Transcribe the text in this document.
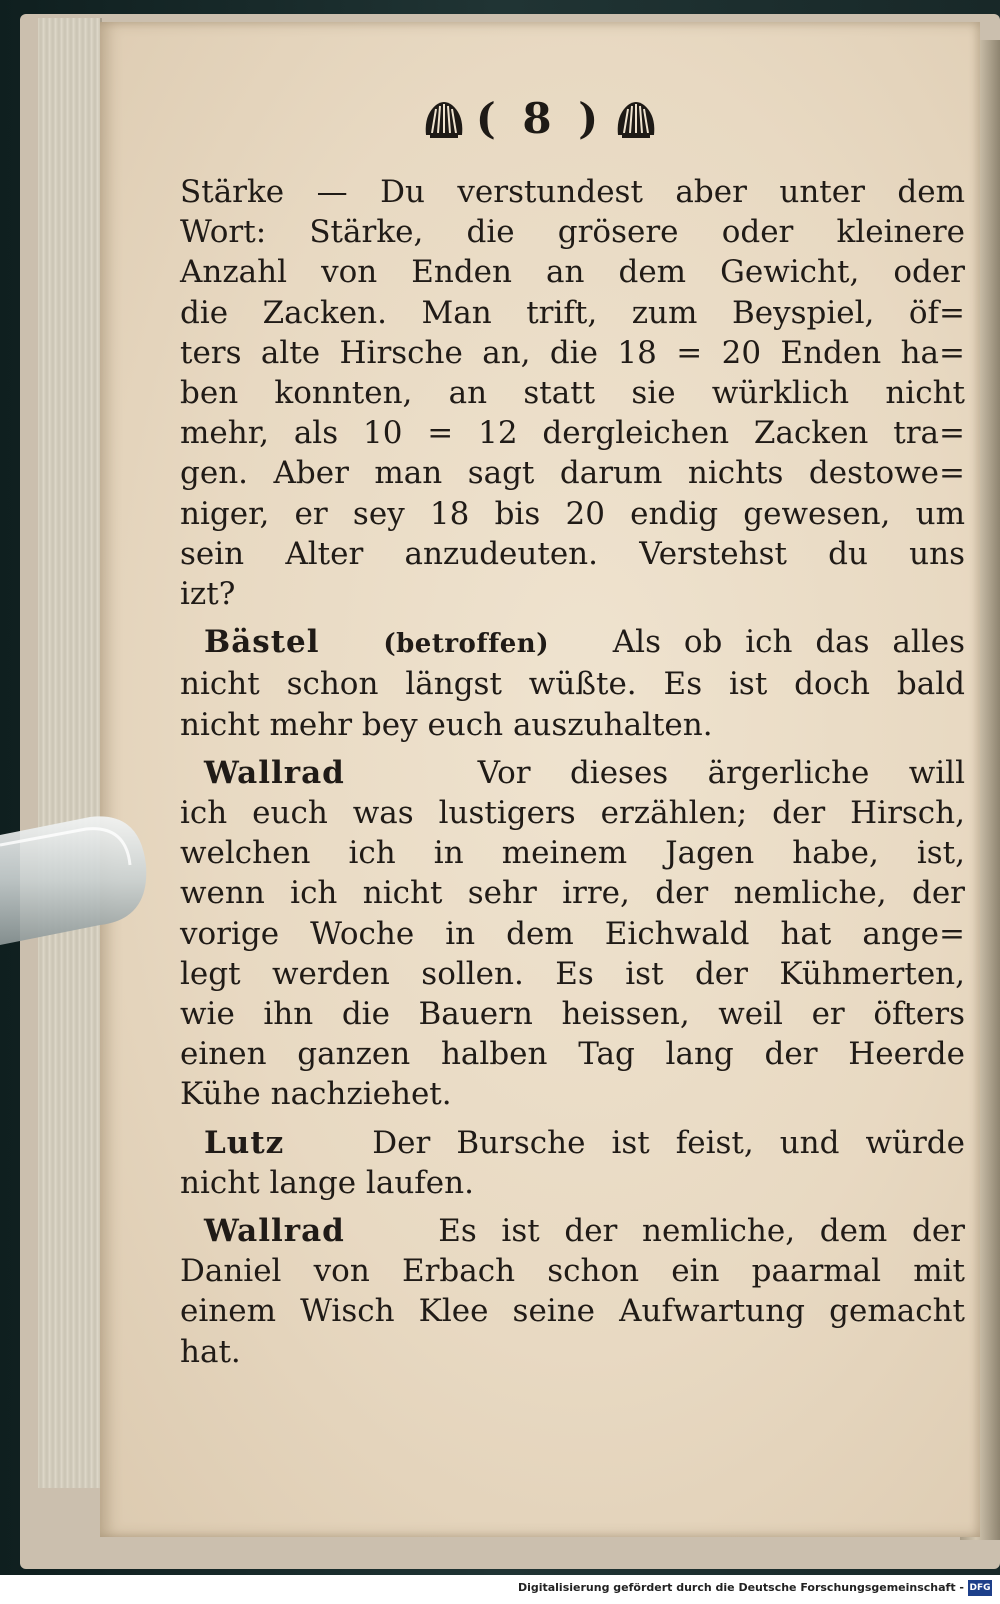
( 8 )
Stärke — Du verstundest aber unter dem
Wort: Stärke, die grösere oder kleinere
Anzahl von Enden an dem Gewicht, oder
die Zacken. Man trift, zum Beyspiel, öf=
ters alte Hirsche an, die 18 = 20 Enden ha=
ben konnten, an statt sie würklich nicht
mehr, als 10 = 12 dergleichen Zacken tra=
gen. Aber man sagt darum nichts destowe=
niger, er sey 18 bis 20 endig gewesen, um
sein Alter anzudeuten. Verstehst du uns
izt?
Bästel (betroffen) Als ob ich das alles
nicht schon längst wüßte. Es ist doch bald
nicht mehr bey euch auszuhalten.
Wallrad	Vor dieses ärgerliche will
ich euch was lustigers erzählen; der Hirsch,
welchen ich in meinem Jagen habe, ist,
wenn ich nicht sehr irre, der nemliche, der
vorige Woche in dem Eichwald hat ange=
legt werden sollen. Es ist der Kühmerten,
wie ihn die Bauern heissen, weil er öfters
einen ganzen halben Tag lang der Heerde
Kühe nachziehet.
Lutz	Der Bursche ist feist, und würde
nicht lange laufen.
Wallrad	Es ist der nemliche, dem der
Daniel von Erbach schon ein paarmal mit
einem Wisch Klee seine Aufwartung gemacht
hat.
Digitalisierung gefördert durch die Deutsche Forschungsgemeinschaft - DFG
